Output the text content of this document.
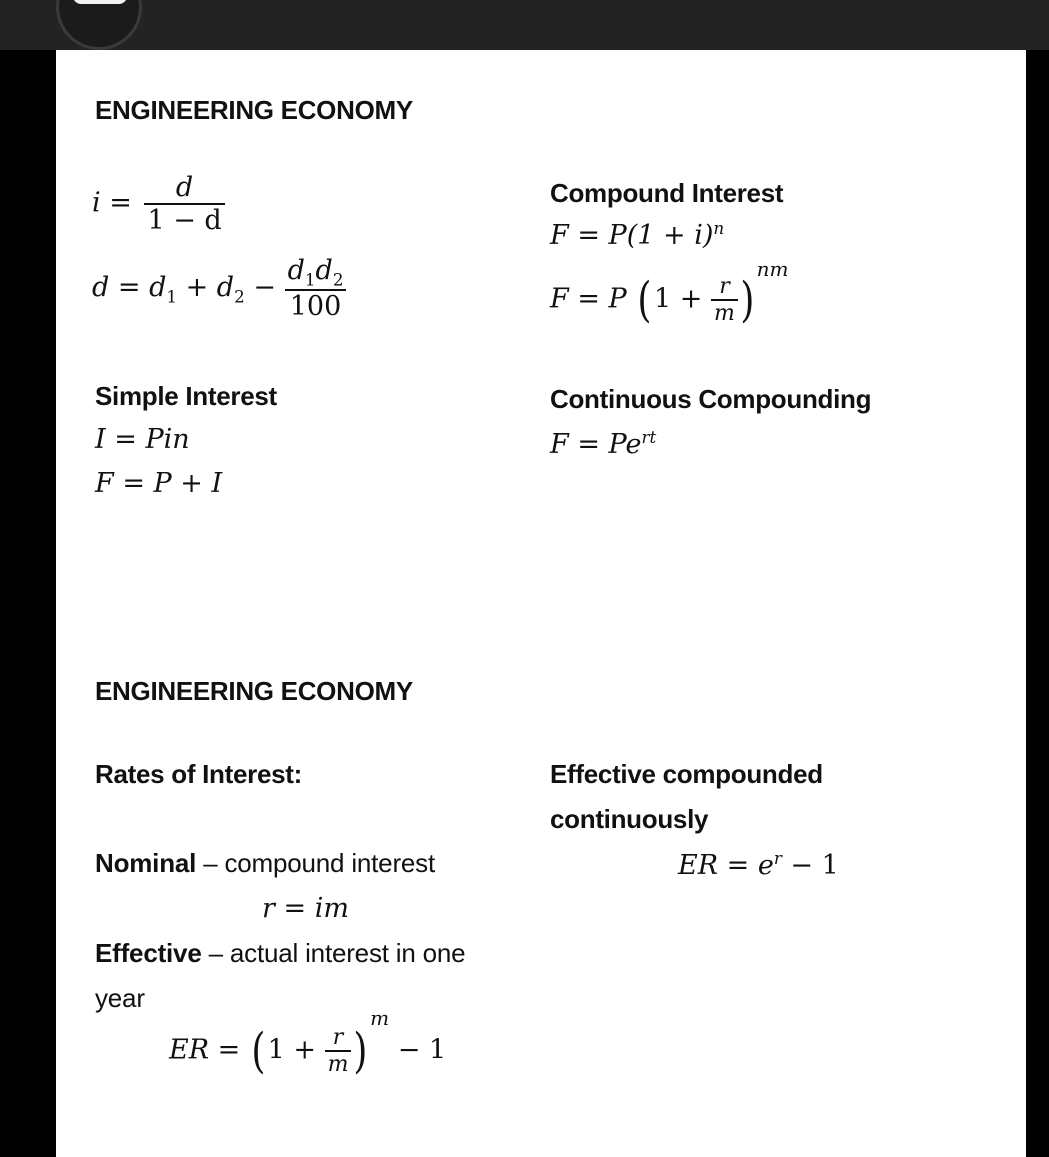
ENGINEERING ECONOMY
$i = \frac{d}{1 - d}$
$d = d_1 + d_2 - \frac{d_1d_2}{100}$
Compound Interest
$F = P(1 + i)^n$
F = P $(1 + \frac{r}{m} )^{nm}$
Simple Interest
I = Pin
F = P + I
Continuous Compounding
$F = Pe^{rt}$
ENGINEERING ECONOMY
Rates of Interest:
Nominal – compound interest
r = im
Effective – actual interest in one
year
ER = $(1 + \frac{r}{m} )^m - 1$
Effective compounded
continuously
ER = $e^r - 1$
